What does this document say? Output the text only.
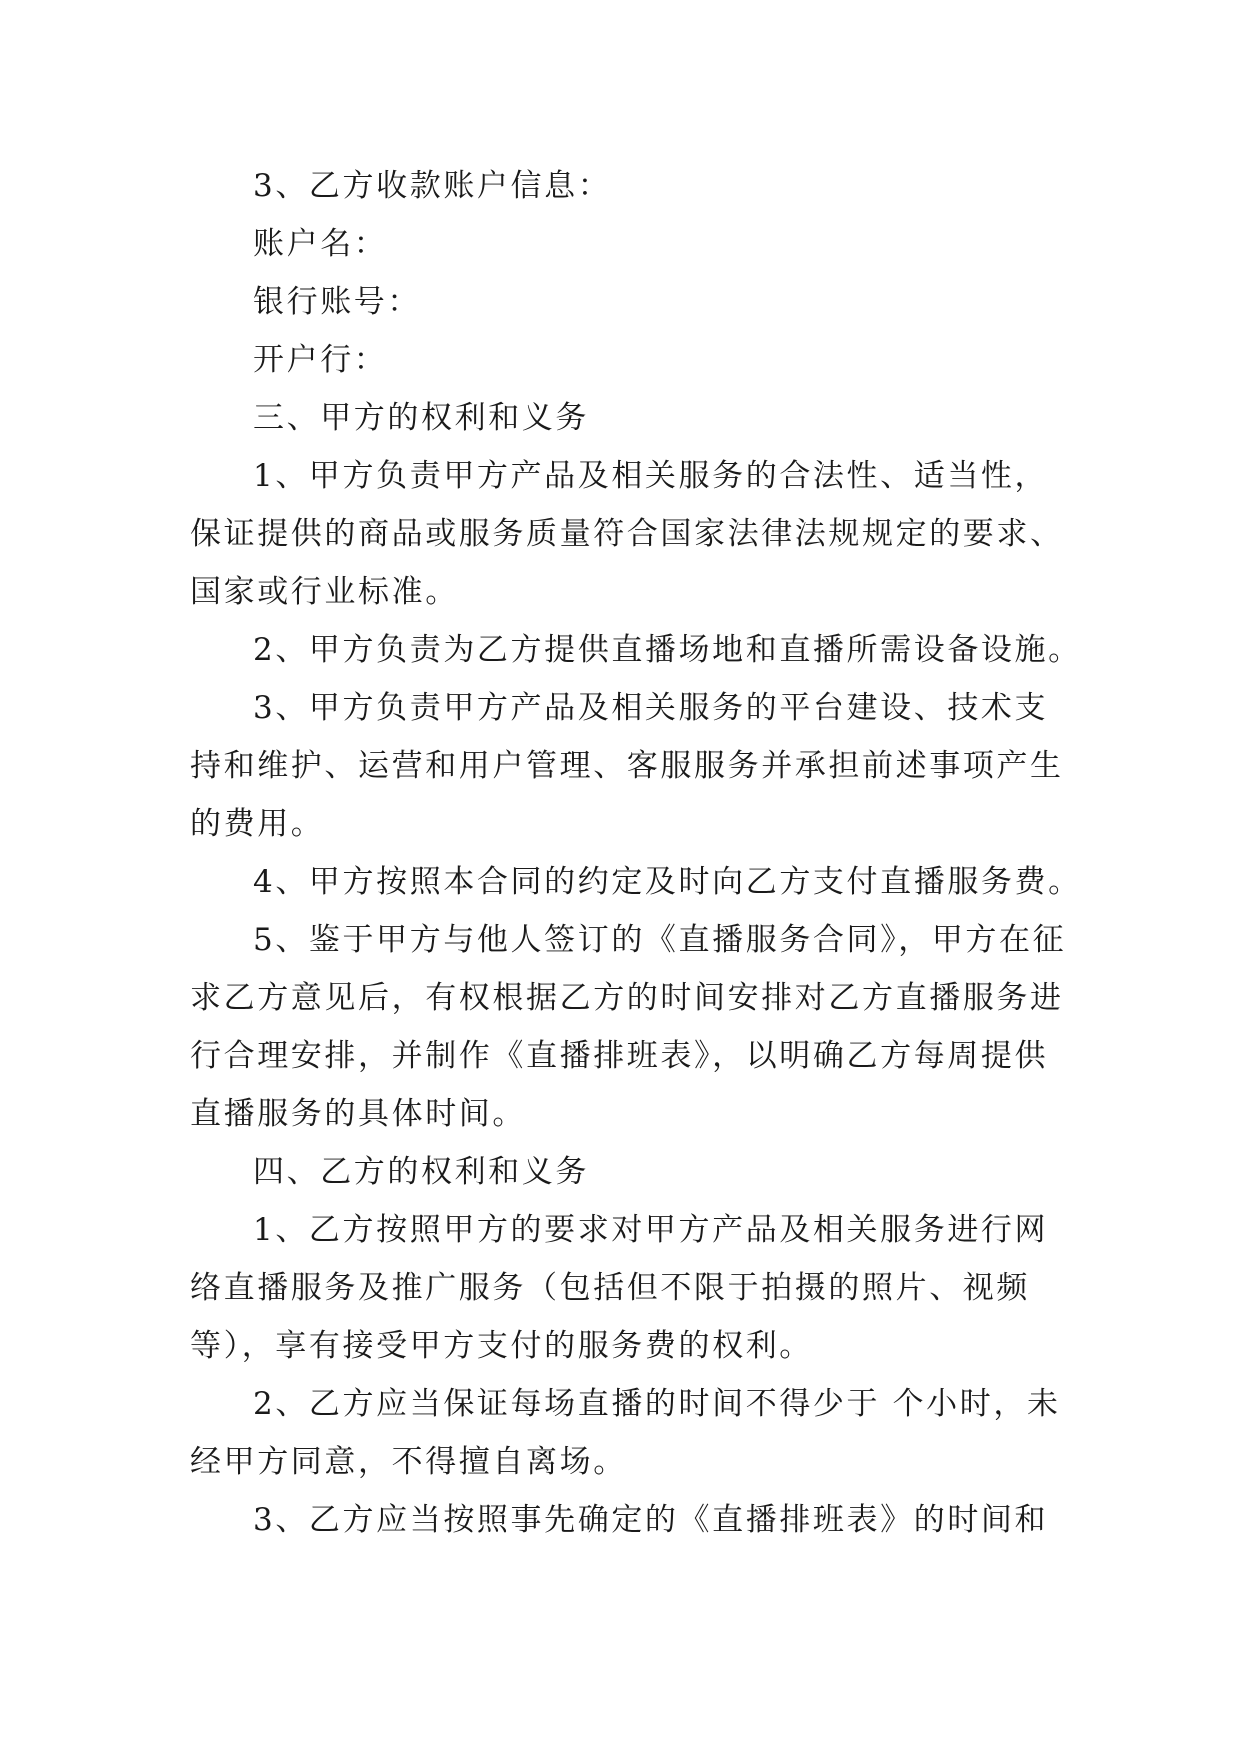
3、乙方收款账户信息：
账户名：
银行账号：
开户行：
三、甲方的权利和义务
1、甲方负责甲方产品及相关服务的合法性、适当性，
保证提供的商品或服务质量符合国家法律法规规定的要求、
国家或行业标准。
2、甲方负责为乙方提供直播场地和直播所需设备设施。
3、甲方负责甲方产品及相关服务的平台建设、技术支
持和维护、运营和用户管理、客服服务并承担前述事项产生
的费用。
4、甲方按照本合同的约定及时向乙方支付直播服务费。
5、鉴于甲方与他人签订的《直播服务合同》，甲方在征
求乙方意见后，有权根据乙方的时间安排对乙方直播服务进
行合理安排，并制作《直播排班表》，以明确乙方每周提供
直播服务的具体时间。
四、乙方的权利和义务
1、乙方按照甲方的要求对甲方产品及相关服务进行网
络直播服务及推广服务（包括但不限于拍摄的照片、视频
等），享有接受甲方支付的服务费的权利。
2、乙方应当保证每场直播的时间不得少于 个小时，未
经甲方同意，不得擅自离场。
3、乙方应当按照事先确定的《直播排班表》的时间和
